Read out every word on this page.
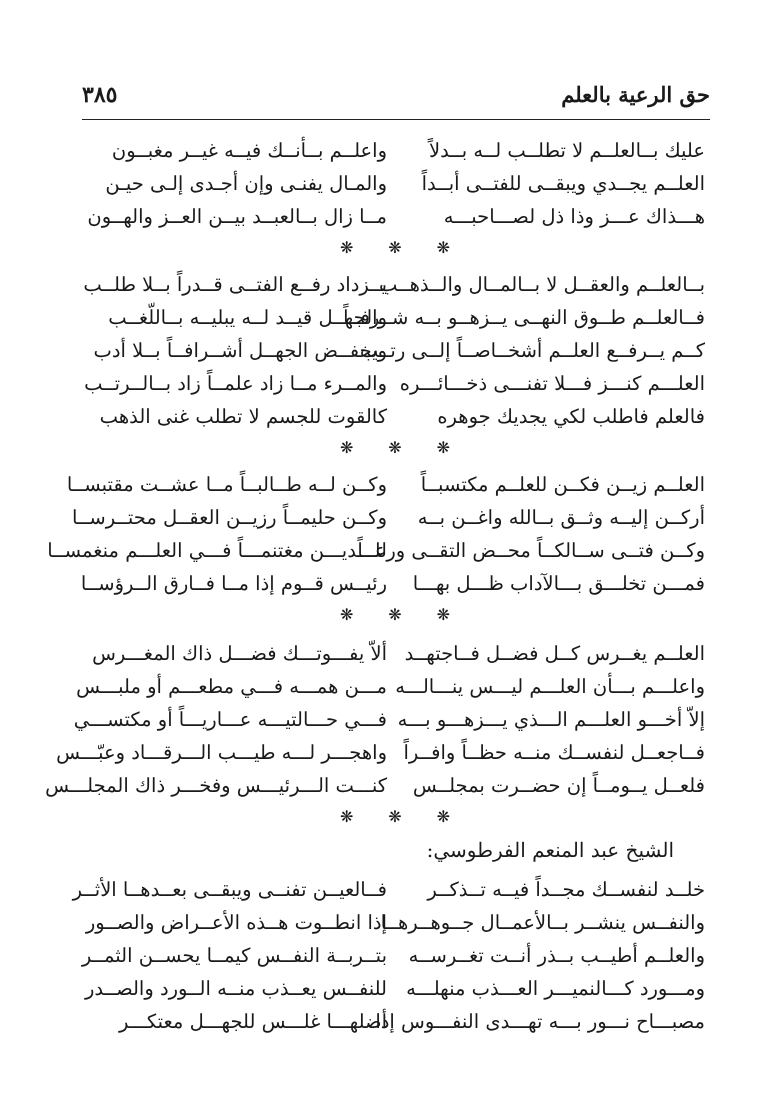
حق الرعية بالعلم
٣٨٥
عليك بــالعلــم لا تطلــب لــه بــدلاً
العلــم يجــدي ويبقــى للفتــى أبــداً
هـــذاك عـــز وذا ذل لصـــاحبـــه
واعلــم بــأنــك فيــه غيــر مغبــون
والمـال يفنـى وإن أجـدى إلـى حيـن
مــا زال بــالعبــد بيــن العــز والهــون
❋
❋
❋
بــالعلــم والعقــل لا بــالمــال والــذهــب
فــالعلــم طــوق النهــى يــزهــو بــه شــرفــاً
كــم يــرفــع العلــم أشخــاصــاً إلــى رتــب
العلـــم كنـــز فـــلا تفنـــى ذخـــائـــره
فالعلم فاطلب لكي يجديك جوهره
يــزداد رفــع الفتــى قــدراً بــلا طلــب
والجهــل قيــد لــه يبليــه بــاللّغــب
ويخفــض الجهــل أشــرافــاً بــلا أدب
والمــرء مــا زاد علمــاً زاد بــالــرتــب
كالقوت للجسم لا تطلب غنى الذهب
❋
❋
❋
العلــم زيــن فكــن للعلــم مكتسبــاً
أركــن إليــه وثــق بــالله واغــن بــه
وكــن فتــى ســالكــاً محــض التقــى ورعــاً
فمـــن تخلـــق بـــالآداب ظـــل بهـــا
وكــن لــه طــالبــاً مــا عشــت مقتبســا
وكــن حليمــاً رزيــن العقــل محتــرســا
للـــديـــن مغتنمـــاً فـــي العلـــم منغمســا
رئيــس قــوم إذا مــا فــارق الــرؤســا
❋
❋
❋
العلــم يغــرس كــل فضــل فــاجتهــد
واعلـــم بـــأن العلـــم ليـــس ينـــالـــه
إلاّ أخـــو العلـــم الـــذي يـــزهـــو بـــه
فــاجعــل لنفســك منــه حظــاً وافــراً
فلعــل يــومــاً إن حضــرت بمجلــس
ألاّ يفـــوتـــك فضـــل ذاك المغـــرس
مـــن همـــه فـــي مطعـــم أو ملبـــس
فـــي حـــالتيـــه عـــاريـــاً أو مكتســـي
واهجـــر لـــه طيـــب الـــرقـــاد وعبّـــس
كنـــت الـــرئيـــس وفخـــر ذاك المجلـــس
❋
❋
❋
الشيخ عبد المنعم الفرطوسي:
خلــد لنفســك مجــداً فيــه تــذكــر
والنفــس ينشــر بــالأعمــال جــوهــرهــا
والعلــم أطيــب بــذر أنــت تغــرســه
ومـــورد كـــالنميـــر العـــذب منهلـــه
مصبـــاح نـــور بـــه تهـــدى النفـــوس إذا
فــالعيــن تفنــى ويبقــى بعــدهــا الأثــر
إذا انطــوت هــذه الأعــراض والصــور
بتــربــة النفــس كيمــا يحســن الثمــر
للنفــس يعــذب منــه الــورد والصــدر
أضلهـــا غلـــس للجهـــل معتكـــر
